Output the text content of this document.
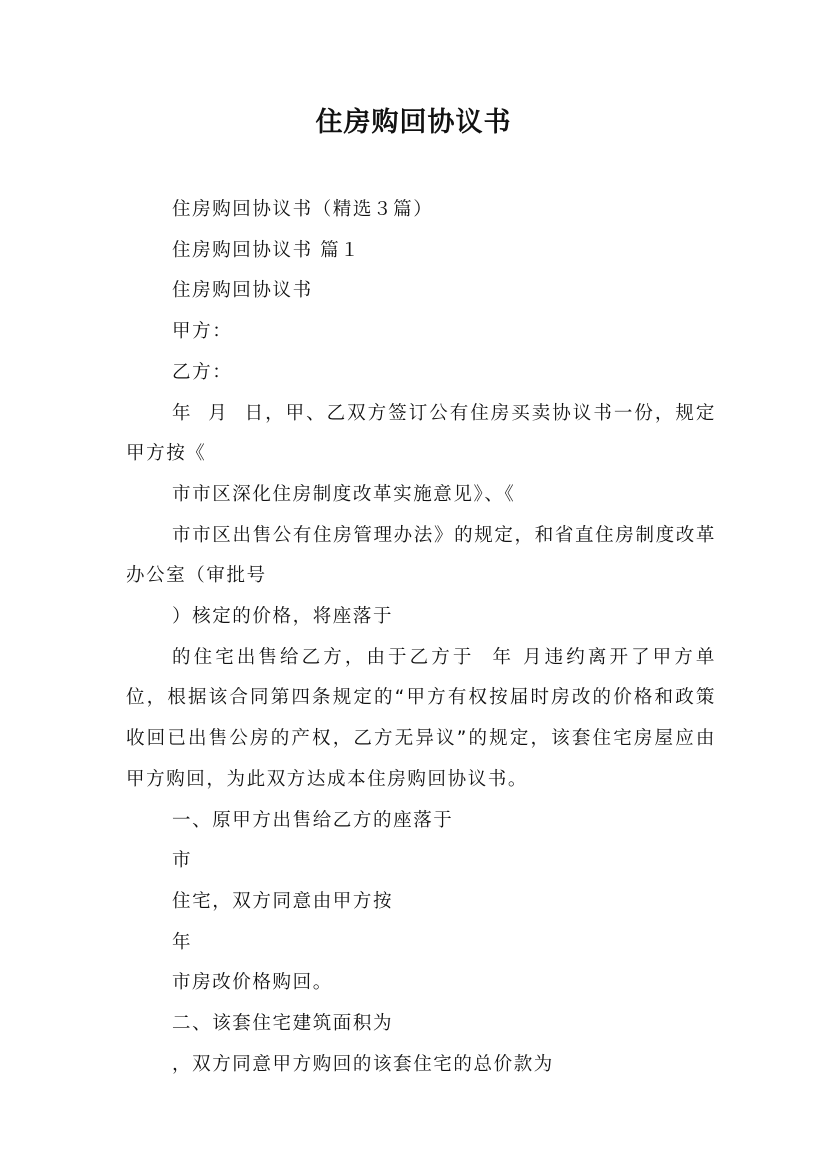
住房购回协议书

住房购回协议书（精选３篇）

住房购回协议书 篇１

住房购回协议书

甲方：

乙方：

年  月  日，甲、乙双方签订公有住房买卖协议书一份，规定甲方按《

市市区深化住房制度改革实施意见》、《

市市区出售公有住房管理办法》的规定，和省直住房制度改革办公室（审批号

）核定的价格，将座落于

的住宅出售给乙方，由于乙方于  年 月违约离开了甲方单位，根据该合同第四条规定的“甲方有权按届时房改的价格和政策收回已出售公房的产权，乙方无异议”的规定，该套住宅房屋应由甲方购回，为此双方达成本住房购回协议书。

一、原甲方出售给乙方的座落于

市

住宅，双方同意由甲方按

年

市房改价格购回。

二、该套住宅建筑面积为

，双方同意甲方购回的该套住宅的总价款为
